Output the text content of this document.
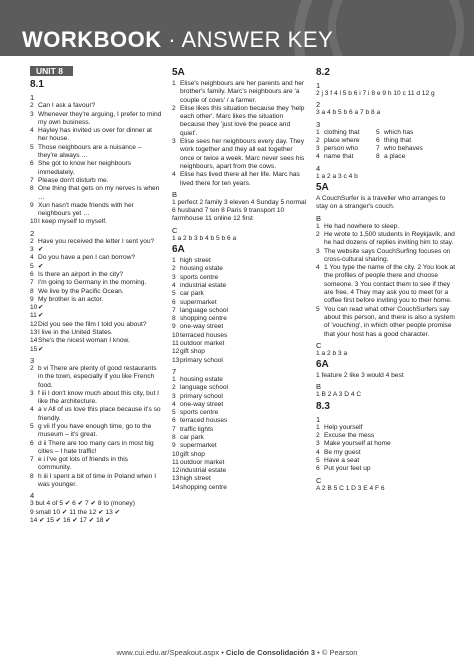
WORKBOOK · ANSWER KEY
UNIT 8
8.1
1
2 Can I ask a favour?
3 Whenever they're arguing, I prefer to mind my own business.
4 Hayley has invited us over for dinner at her house.
5 Those neighbours are a nuisance – they're always …
6 She got to know her neighbours immediately.
7 Please don't disturb me.
8 One thing that gets on my nerves is when …
9 Xun hasn't made friends with her neighbours yet …
10 I keep myself to myself.
2
2 Have you received the letter I sent you?
3 ✔
4 Do you have a pen I can borrow?
5 ✔
6 Is there an airport in the city?
7 I'm going to Germany in the morning.
8 We live by the Pacific Ocean.
9 My brother is an actor.
10 ✔
11 ✔
12 Did you see the film I told you about?
13 I live in the United States.
14 She's the nicest woman I know.
15 ✔
3
2 b vi There are plenty of good restaurants in the town, especially if you like French food.
3 f iii I don't know much about this city, but I like the architecture.
4 a v All of us love this place because it's so friendly.
5 g vii If you have enough time, go to the museum – it's great.
6 d ii There are too many cars in most big cities – I hate traffic!
7 e i I've got lots of friends in this community.
8 h iii I spent a bit of time in Poland when I was younger.
4
3 but 4 of 5 ✔ 6 ✔ 7 ✔ 8 to (money)
9 small 10 ✔ 11 the 12 ✔ 13 ✔
14 ✔ 15 ✔ 16 ✔ 17 ✔ 18 ✔
5A
1 Elise's neighbours are her parents and her brother's family. Marc's neighbours are 'a couple of cows' / a farmer.
2 Elise likes this situation because they 'help each other'. Marc likes the situation because they 'just love the peace and quiet'.
3 Elise sees her neighbours every day. They work together and they all eat together once or twice a week. Marc never sees his neighbours, apart from the cows.
4 Elise has lived there all her life. Marc has lived there for ten years.
B
1 perfect 2 family 3 eleven 4 Sunday 5 normal 6 husband 7 ten 8 Paris 9 transport 10 farmhouse 11 online 12 first
C
1 a 2 b 3 b 4 b 5 b 6 a
6A
1 high street
2 housing estate
3 sports centre
4 industrial estate
5 car park
6 supermarket
7 language school
8 shopping centre
9 one-way street
10 terraced houses
11 outdoor market
12 gift shop
13 primary school
7
1 housing estate
2 language school
3 primary school
4 one-way street
5 sports centre
6 terraced houses
7 traffic lights
8 car park
9 supermarket
10 gift shop
11 outdoor market
12 industrial estate
13 high street
14 shopping centre
8.2
1
2 j 3 f 4 l 5 b 6 i 7 i 8 e 9 h 10 c 11 d 12 g
2
3 a 4 b 5 b 6 a 7 b 8 a
3
1 clothing that
2 place where
3 person who
4 name that
5 which has
6 thing that
7 who behaves
8 a place
4
1 a 2 a 3 c 4 b
5A
A CouchSurfer is a traveller who arranges to stay on a stranger's couch.
B
1 He had nowhere to sleep.
2 He wrote to 1,500 students in Reykjavík, and he had dozens of replies inviting him to stay.
3 The website says CouchSurfing focuses on cross-cultural sharing.
4 1 You type the name of the city. 2 You look at the profiles of people there and choose someone. 3 You contact them to see if they are free. 4 They may ask you to meet for a coffee first before inviting you to their home.
5 You can read what other CouchSurfers say about this person, and there is also a system of 'vouching', in which other people promise that your host has a good character.
C
1 a 2 b 3 a
6A
1 feature 2 like 3 would 4 best
B
1 B 2 A 3 D 4 C
8.3
1
1 Help yourself
2 Excuse the mess
3 Make yourself at home
4 Be my guest
5 Have a seat
6 Put your feet up
C
A 2 B 5 C 1 D 3 E 4 F 6
www.cui.edu.ar/Speakout.aspx • Ciclo de Consolidación 3 • © Pearson
